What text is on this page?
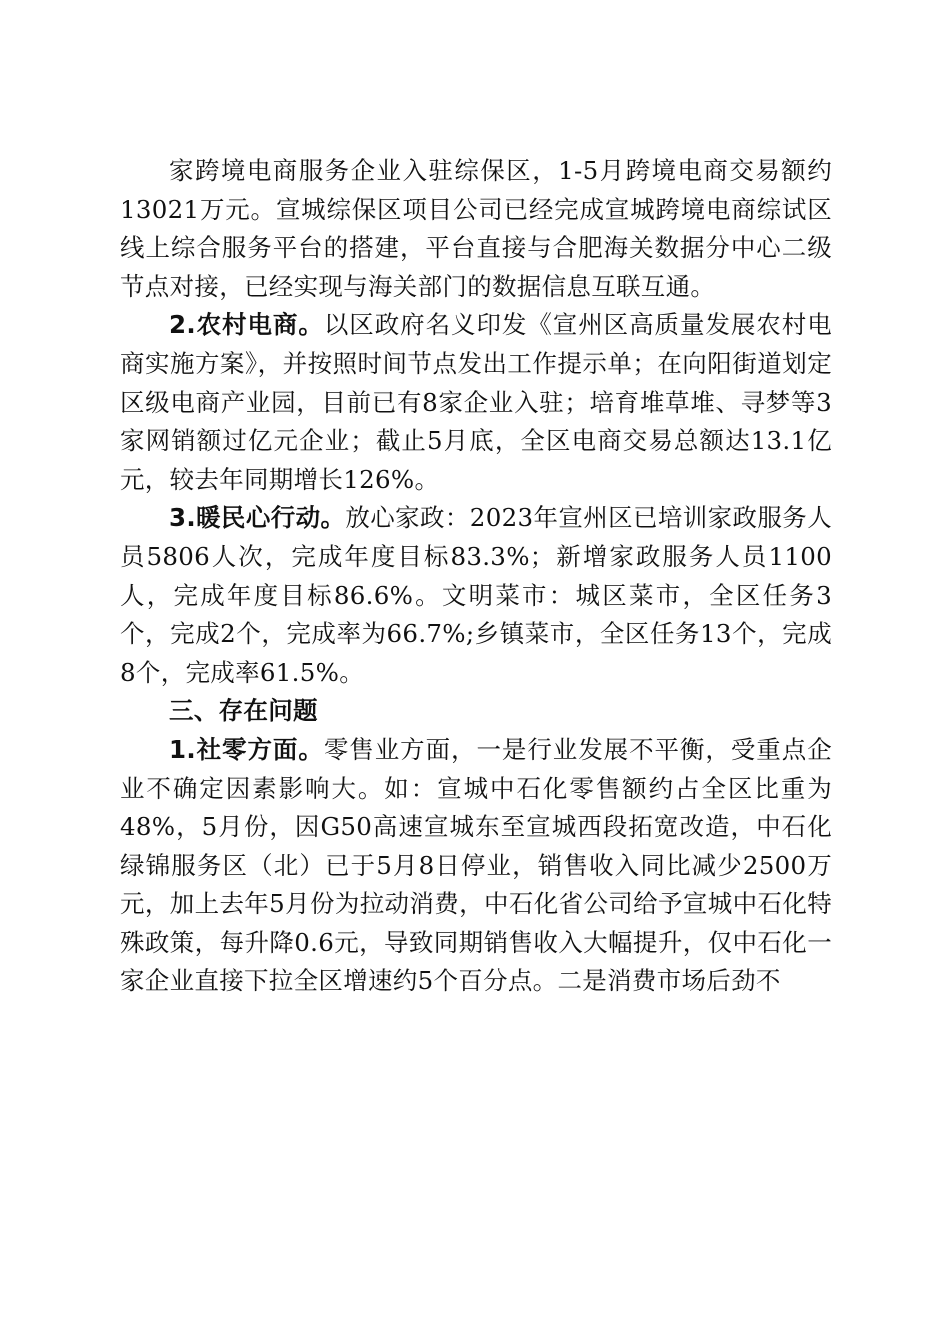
家跨境电商服务企业入驻综保区，1-5月跨境电商交易额约13021万元。宣城综保区项目公司已经完成宣城跨境电商综试区线上综合服务平台的搭建，平台直接与合肥海关数据分中心二级节点对接，已经实现与海关部门的数据信息互联互通。

2.农村电商。以区政府名义印发《宣州区高质量发展农村电商实施方案》，并按照时间节点发出工作提示单；在向阳街道划定区级电商产业园，目前已有8家企业入驻；培育堆草堆、寻梦等3家网销额过亿元企业；截止5月底，全区电商交易总额达13.1亿元，较去年同期增长126%。

3.暖民心行动。放心家政：2023年宣州区已培训家政服务人员5806人次，完成年度目标83.3%；新增家政服务人员1100人，完成年度目标86.6%。文明菜市：城区菜市，全区任务3个，完成2个，完成率为66.7%;乡镇菜市，全区任务13个，完成8个，完成率61.5%。

三、存在问题

1.社零方面。零售业方面，一是行业发展不平衡，受重点企业不确定因素影响大。如：宣城中石化零售额约占全区比重为48%，5月份，因G50高速宣城东至宣城西段拓宽改造，中石化绿锦服务区（北）已于5月8日停业，销售收入同比减少2500万元，加上去年5月份为拉动消费，中石化省公司给予宣城中石化特殊政策，每升降0.6元，导致同期销售收入大幅提升，仅中石化一家企业直接下拉全区增速约5个百分点。二是消费市场后劲不
